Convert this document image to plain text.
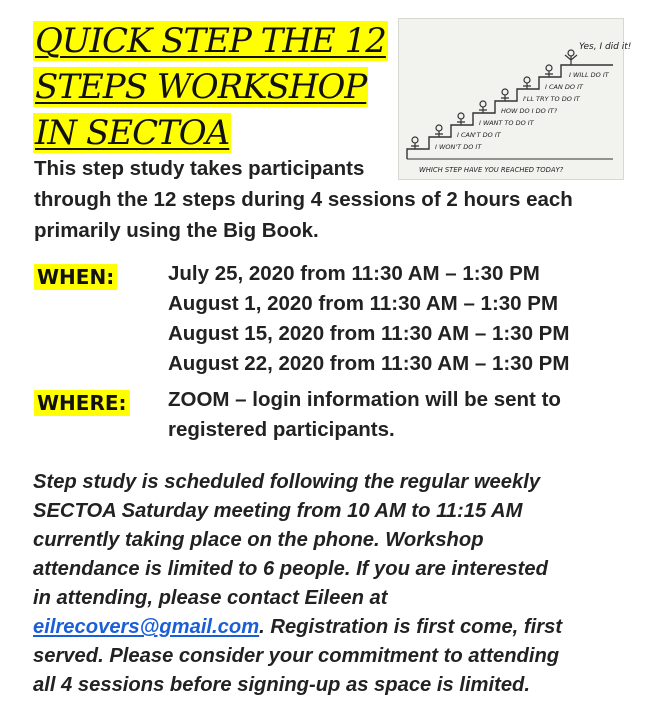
QUICK STEP THE 12
STEPS WORKSHOP
IN SECTOA
Yes, I did it!
I WILL DO IT
I CAN DO IT
I'LL TRY TO DO IT
HOW DO I DO IT?
I WANT TO DO IT
I CAN'T DO IT
I WON'T DO IT
WHICH STEP HAVE YOU REACHED TODAY?
This step study takes participants
through the 12 steps during 4 sessions of 2 hours each
primarily using the Big Book.
WHEN:	July 25, 2020 from 11:30 AM – 1:30 PM
August 1, 2020 from 11:30 AM – 1:30 PM
August 15, 2020 from 11:30 AM – 1:30 PM
August 22, 2020 from 11:30 AM – 1:30 PM
WHERE: ZOOM – login information will be sent to
registered participants.
Step study is scheduled following the regular weekly
SECTOA Saturday meeting from 10 AM to 11:15 AM
currently taking place on the phone. Workshop
attendance is limited to 6 people. If you are interested
in attending, please contact Eileen at
eilrecovers@gmail.com. Registration is first come, first
served. Please consider your commitment to attending
all 4 sessions before signing-up as space is limited.
